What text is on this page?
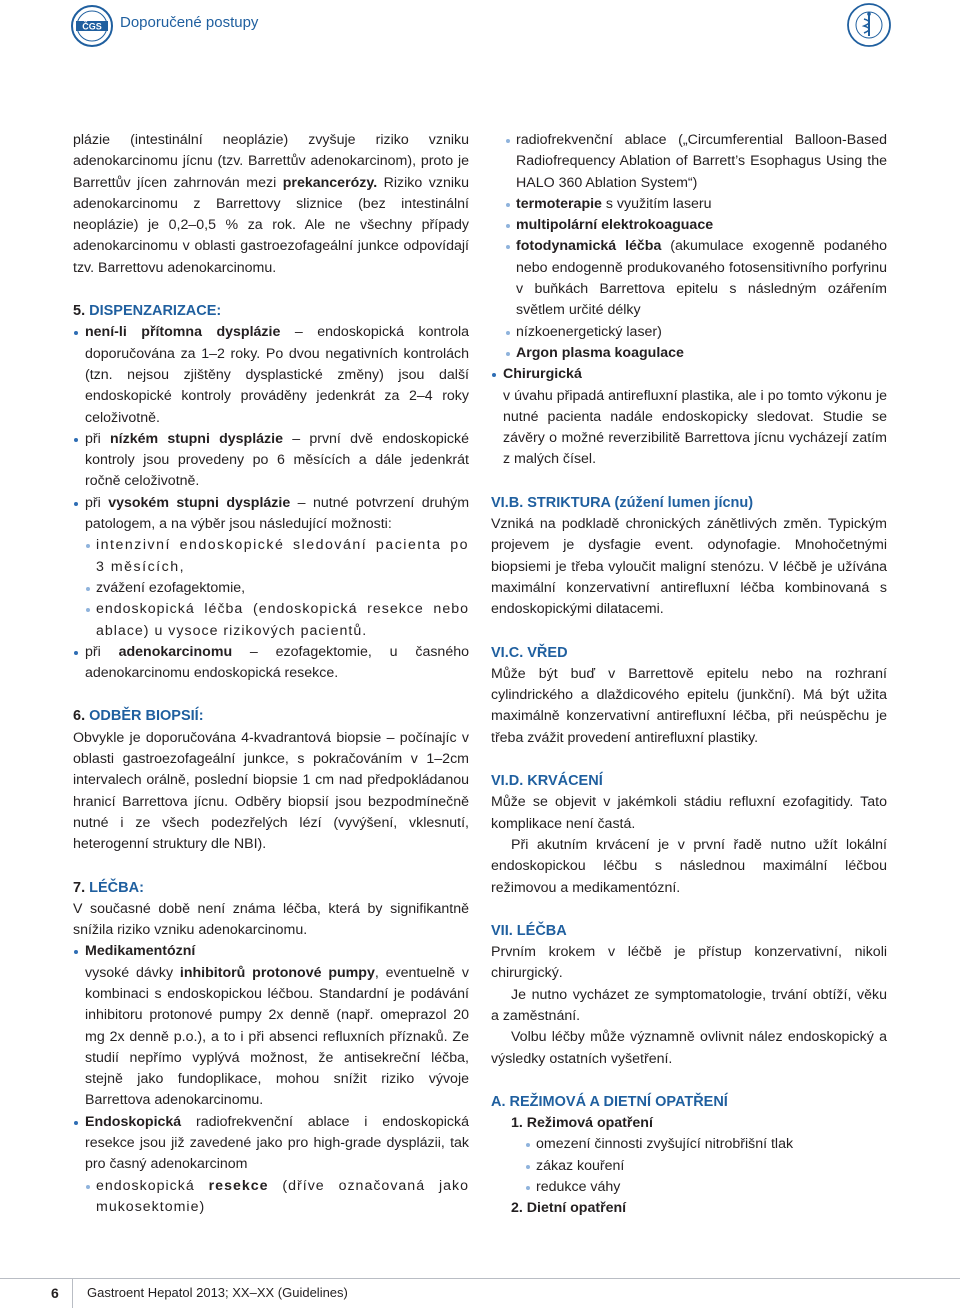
ČGS Doporučené postupy

plázie (intestinální neoplázie) zvyšuje riziko vzniku adenokarcinomu jícnu (tzv. Barrettův adenokarcinom), proto je Barrettův jícen zahrnován mezi prekancerózy. Riziko vzniku adenokarcinomu z Barrettovy sliznice (bez intestinální neoplázie) je 0,2–0,5 % za rok. Ale ne všechny případy adenokarcinomu v oblasti gastroezofageální junkce odpovídají tzv. Barrettovu adenokarcinomu.

5. DISPENZARIZACE:
není-li přítomna dysplázie – endoskopická kontrola doporučována za 1–2 roky. Po dvou negativních kontrolách (tzn. nejsou zjištěny dysplastické změny) jsou další endoskopické kontroly prováděny jedenkrát za 2–4 roky celoživotně.
při nízkém stupni dysplázie – první dvě endoskopické kontroly jsou provedeny po 6 měsících a dále jedenkrát ročně celoživotně.
při vysokém stupni dysplázie – nutné potvrzení druhým patologem, a na výběr jsou následující možnosti:
intenzivní endoskopické sledování pacienta po 3 měsících,
zvážení ezofagektomie,
endoskopická léčba (endoskopická resekce nebo ablace) u vysoce rizikových pacientů.
při adenokarcinomu – ezofagektomie, u časného adenokarcinomu endoskopická resekce.
6. ODBĚR BIOPSIÍ:

Obvykle je doporučována 4-kvadrantová biopsie – počínajíc v oblasti gastroezofageální junkce, s pokračováním v 1–2cm intervalech orálně, poslední biopsie 1 cm nad předpokládanou hranicí Barrettova jícnu. Odběry biopsií jsou bezpodmínečně nutné i ze všech podezřelých lézí (vyvýšení, vklesnutí, heterogenní struktury dle NBI).

7. LÉČBA:

V současné době není známa léčba, která by signifikantně snížila riziko vzniku adenokarcinomu.

Medikamentózní
vysoké dávky inhibitorů protonové pumpy, eventuelně v kombinaci s endoskopickou léčbou. Standardní je podávání inhibitoru protonové pumpy 2x denně (např. omeprazol 20 mg 2x denně p.o.), a to i při absenci refluxních příznaků. Ze studií nepřímo vyplývá možnost, že antisekreční léčba, stejně jako fundoplikace, mohou snížit riziko vývoje Barrettova adenokarcinomu.
Endoskopická radiofrekvenční ablace i endoskopická resekce jsou již zavedené jako pro high-grade dysplázii, tak pro časný adenokarcinom
endoskopická resekce (dříve označovaná jako mukosektomie)
radiofrekvenční ablace („Circumferential Balloon-Based Radiofrequency Ablation of Barrett’s Esophagus Using the HALO 360 Ablation System“)
termoterapie s využitím laseru
multipolární elektrokoaguace
fotodynamická léčba (akumulace exogenně podaného nebo endogenně produkovaného fotosensitivního porfyrinu v buňkách Barrettova epitelu s následným ozářením světlem určité délky
nízkoenergetický laser)
Argon plasma koagulace
Chirurgická
v úvahu připadá antirefluxní plastika, ale i po tomto výkonu je nutné pacienta nadále endoskopicky sledovat. Studie se závěry o možné reverzibilitě Barrettova jícnu vycházejí zatím z malých čísel.
VI.B. STRIKTURA (zúžení lumen jícnu)

Vzniká na podkladě chronických zánětlivých změn. Typickým projevem je dysfagie event. odynofagie. Mnohočetnými biopsiemi je třeba vyloučit maligní stenózu. V léčbě je užívána maximální konzervativní antirefluxní léčba kombinovaná s endoskopickými dilatacemi.

VI.C. VŘED

Může být buď v Barrettově epitelu nebo na rozhraní cylindrického a dlaždicového epitelu (junkční). Má být užita maximálně konzervativní antirefluxní léčba, při neúspěchu je třeba zvážit provedení antirefluxní plastiky.

VI.D. KRVÁCENÍ

Může se objevit v jakémkoli stádiu refluxní ezofagitidy. Tato komplikace není častá.

Při akutním krvácení je v první řadě nutno užít lokální endoskopickou léčbu s následnou maximální léčbou režimovou a medikamentózní.

VII. LÉČBA

Prvním krokem v léčbě je přístup konzervativní, nikoli chirurgický.

Je nutno vycházet ze symptomatologie, trvání obtíží, věku a zaměstnání.

Volbu léčby může významně ovlivnit nález endoskopický a výsledky ostatních vyšetření.

A. REŽIMOVÁ A DIETNÍ OPATŘENÍ
1. Režimová opatření
omezení činnosti zvyšující nitrobřišní tlak
zákaz kouření
redukce váhy
2. Dietní opatření
6 Gastroent Hepatol 2013; XX–XX (Guidelines)
